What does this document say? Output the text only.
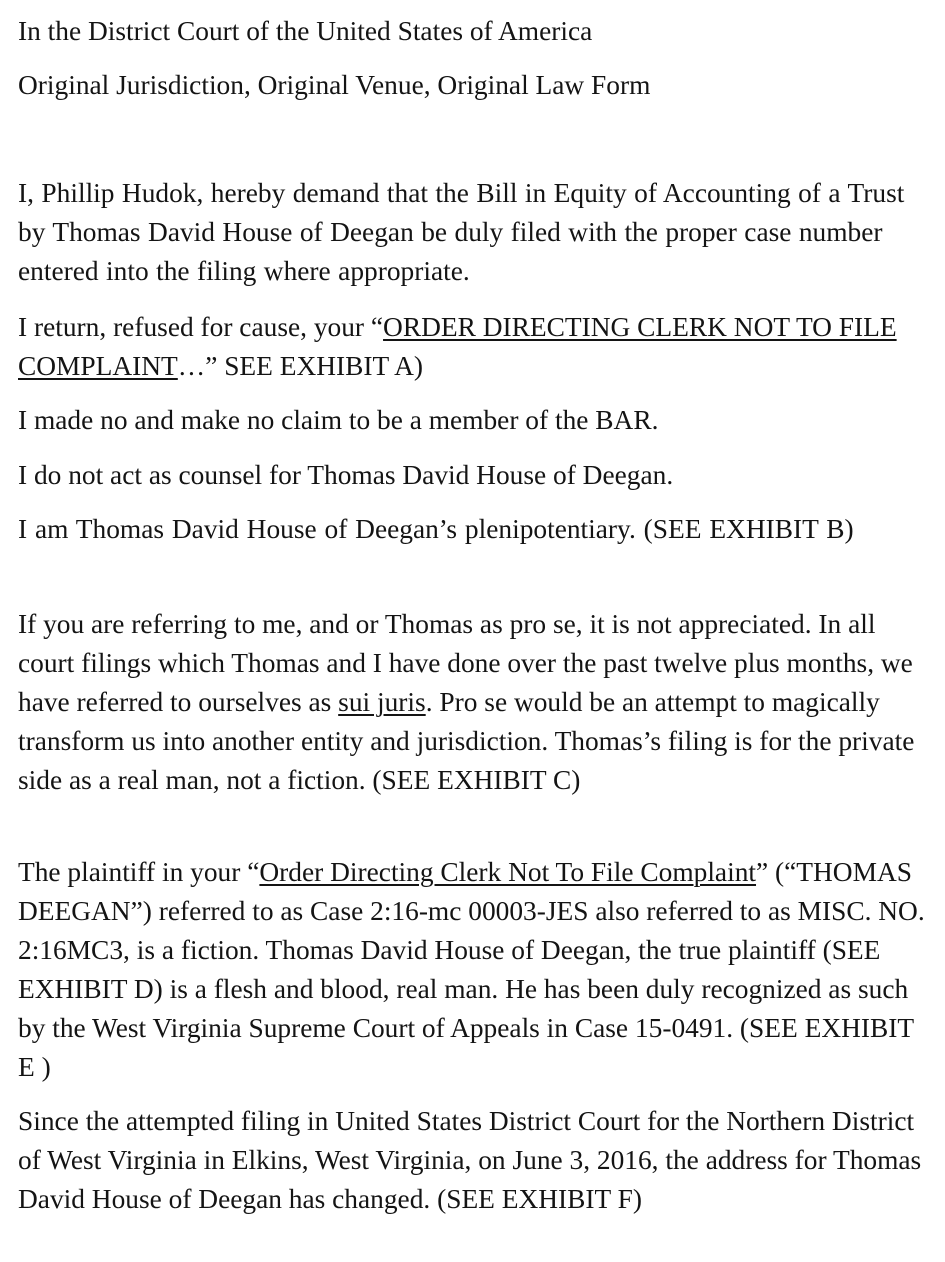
In the District Court of the United States of America
Original Jurisdiction, Original Venue, Original Law Form

I, Phillip Hudok, hereby demand that the Bill in Equity of Accounting of a Trust by Thomas David House of Deegan be duly filed with the proper case number entered into the filing where appropriate.

I return, refused for cause, your “ORDER DIRECTING CLERK NOT TO FILE COMPLAINT…” SEE EXHIBIT A)

I made no and make no claim to be a member of the BAR.

I do not act as counsel for Thomas David House of Deegan.

I am Thomas David House of Deegan’s plenipotentiary. (SEE EXHIBIT B)

If you are referring to me, and or Thomas as pro se, it is not appreciated. In all court filings which Thomas and I have done over the past twelve plus months, we have referred to ourselves as sui juris. Pro se would be an attempt to magically transform us into another entity and jurisdiction. Thomas’s filing is for the private side as a real man, not a fiction. (SEE EXHIBIT C)

The plaintiff in your “Order Directing Clerk Not To File Complaint” (“THOMAS DEEGAN”) referred to as Case 2:16-mc 00003-JES also referred to as MISC. NO. 2:16MC3, is a fiction. Thomas David House of Deegan, the true plaintiff (SEE EXHIBIT D) is a flesh and blood, real man. He has been duly recognized as such by the West Virginia Supreme Court of Appeals in Case 15-0491. (SEE EXHIBIT E )

Since the attempted filing in United States District Court for the Northern District of West Virginia in Elkins, West Virginia, on June 3, 2016, the address for Thomas David House of Deegan has changed. (SEE EXHIBIT F)
